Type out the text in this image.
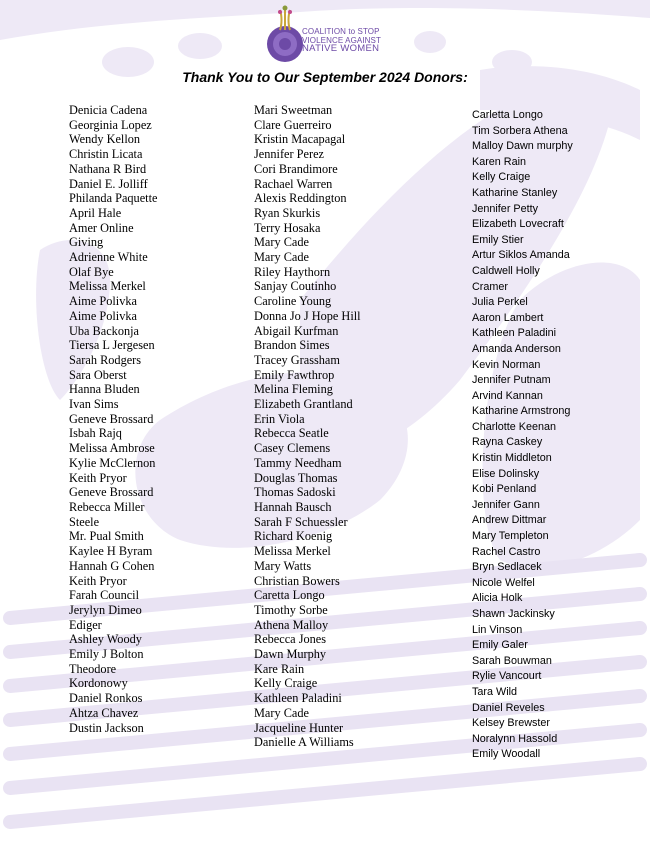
COALITION to STOP
VIOLENCE AGAINST
NATIVE WOMEN
Thank You to Our September 2024 Donors:
Denicia Cadena
Georginia Lopez
Wendy Kellon
Christin Licata
Nathana R Bird
Daniel E. Jolliff
Philanda Paquette
April Hale
Amer Online
Giving
Adrienne White
Olaf Bye
Melissa Merkel
Aime Polivka
Aime Polivka
Uba Backonja
Tiersa L Jergesen
Sarah Rodgers
Sara Oberst
Hanna Bluden
Ivan Sims
Geneve Brossard
Isbah Rajq
Melissa Ambrose
Kylie McClernon
Keith Pryor
Geneve Brossard
Rebecca Miller
Steele
Mr. Pual Smith
Kaylee H Byram
Hannah G Cohen
Keith Pryor
Farah Council
Jerylyn Dimeo
Ediger
Ashley Woody
Emily J Bolton
Theodore
Kordonowy
Daniel Ronkos
Ahtza Chavez
Dustin Jackson
Mari Sweetman
Clare Guerreiro
Kristin Macapagal
Jennifer Perez
Cori Brandimore
Rachael Warren
Alexis Reddington
Ryan Skurkis
Terry Hosaka
Mary Cade
Mary Cade
Riley Haythorn
Sanjay Coutinho
Caroline Young
Donna Jo J Hope Hill
Abigail Kurfman
Brandon Simes
Tracey Grassham
Emily Fawthrop
Melina Fleming
Elizabeth Grantland
Erin Viola
Rebecca Seatle
Casey Clemens
Tammy Needham
Douglas Thomas
Thomas Sadoski
Hannah Bausch
Sarah F Schuessler
Richard Koenig
Melissa Merkel
Mary Watts
Christian Bowers
Caretta Longo
Timothy Sorbe
Athena Malloy
Rebecca Jones
Dawn Murphy
Kare Rain
Kelly Craige
Kathleen Paladini
Mary Cade
Jacqueline Hunter
Danielle A Williams
Carletta Longo
Tim Sorbera Athena
Malloy Dawn murphy
Karen Rain
Kelly Craige
Katharine Stanley
Jennifer Petty
Elizabeth Lovecraft
Emily Stier
Artur Siklos Amanda
Caldwell Holly
Cramer
Julia Perkel
Aaron Lambert
Kathleen Paladini
Amanda Anderson
Kevin Norman
Jennifer Putnam
Arvind Kannan
Katharine Armstrong
Charlotte Keenan
Rayna Caskey
Kristin Middleton
Elise Dolinsky
Kobi Penland
Jennifer Gann
Andrew Dittmar
Mary Templeton
Rachel Castro
Bryn Sedlacek
Nicole Welfel
Alicia Holk
Shawn Jackinsky
Lin Vinson
Emily Galer
Sarah Bouwman
Rylie Vancourt
Tara Wild
Daniel Reveles
Kelsey Brewster
Noralynn Hassold
Emily Woodall
